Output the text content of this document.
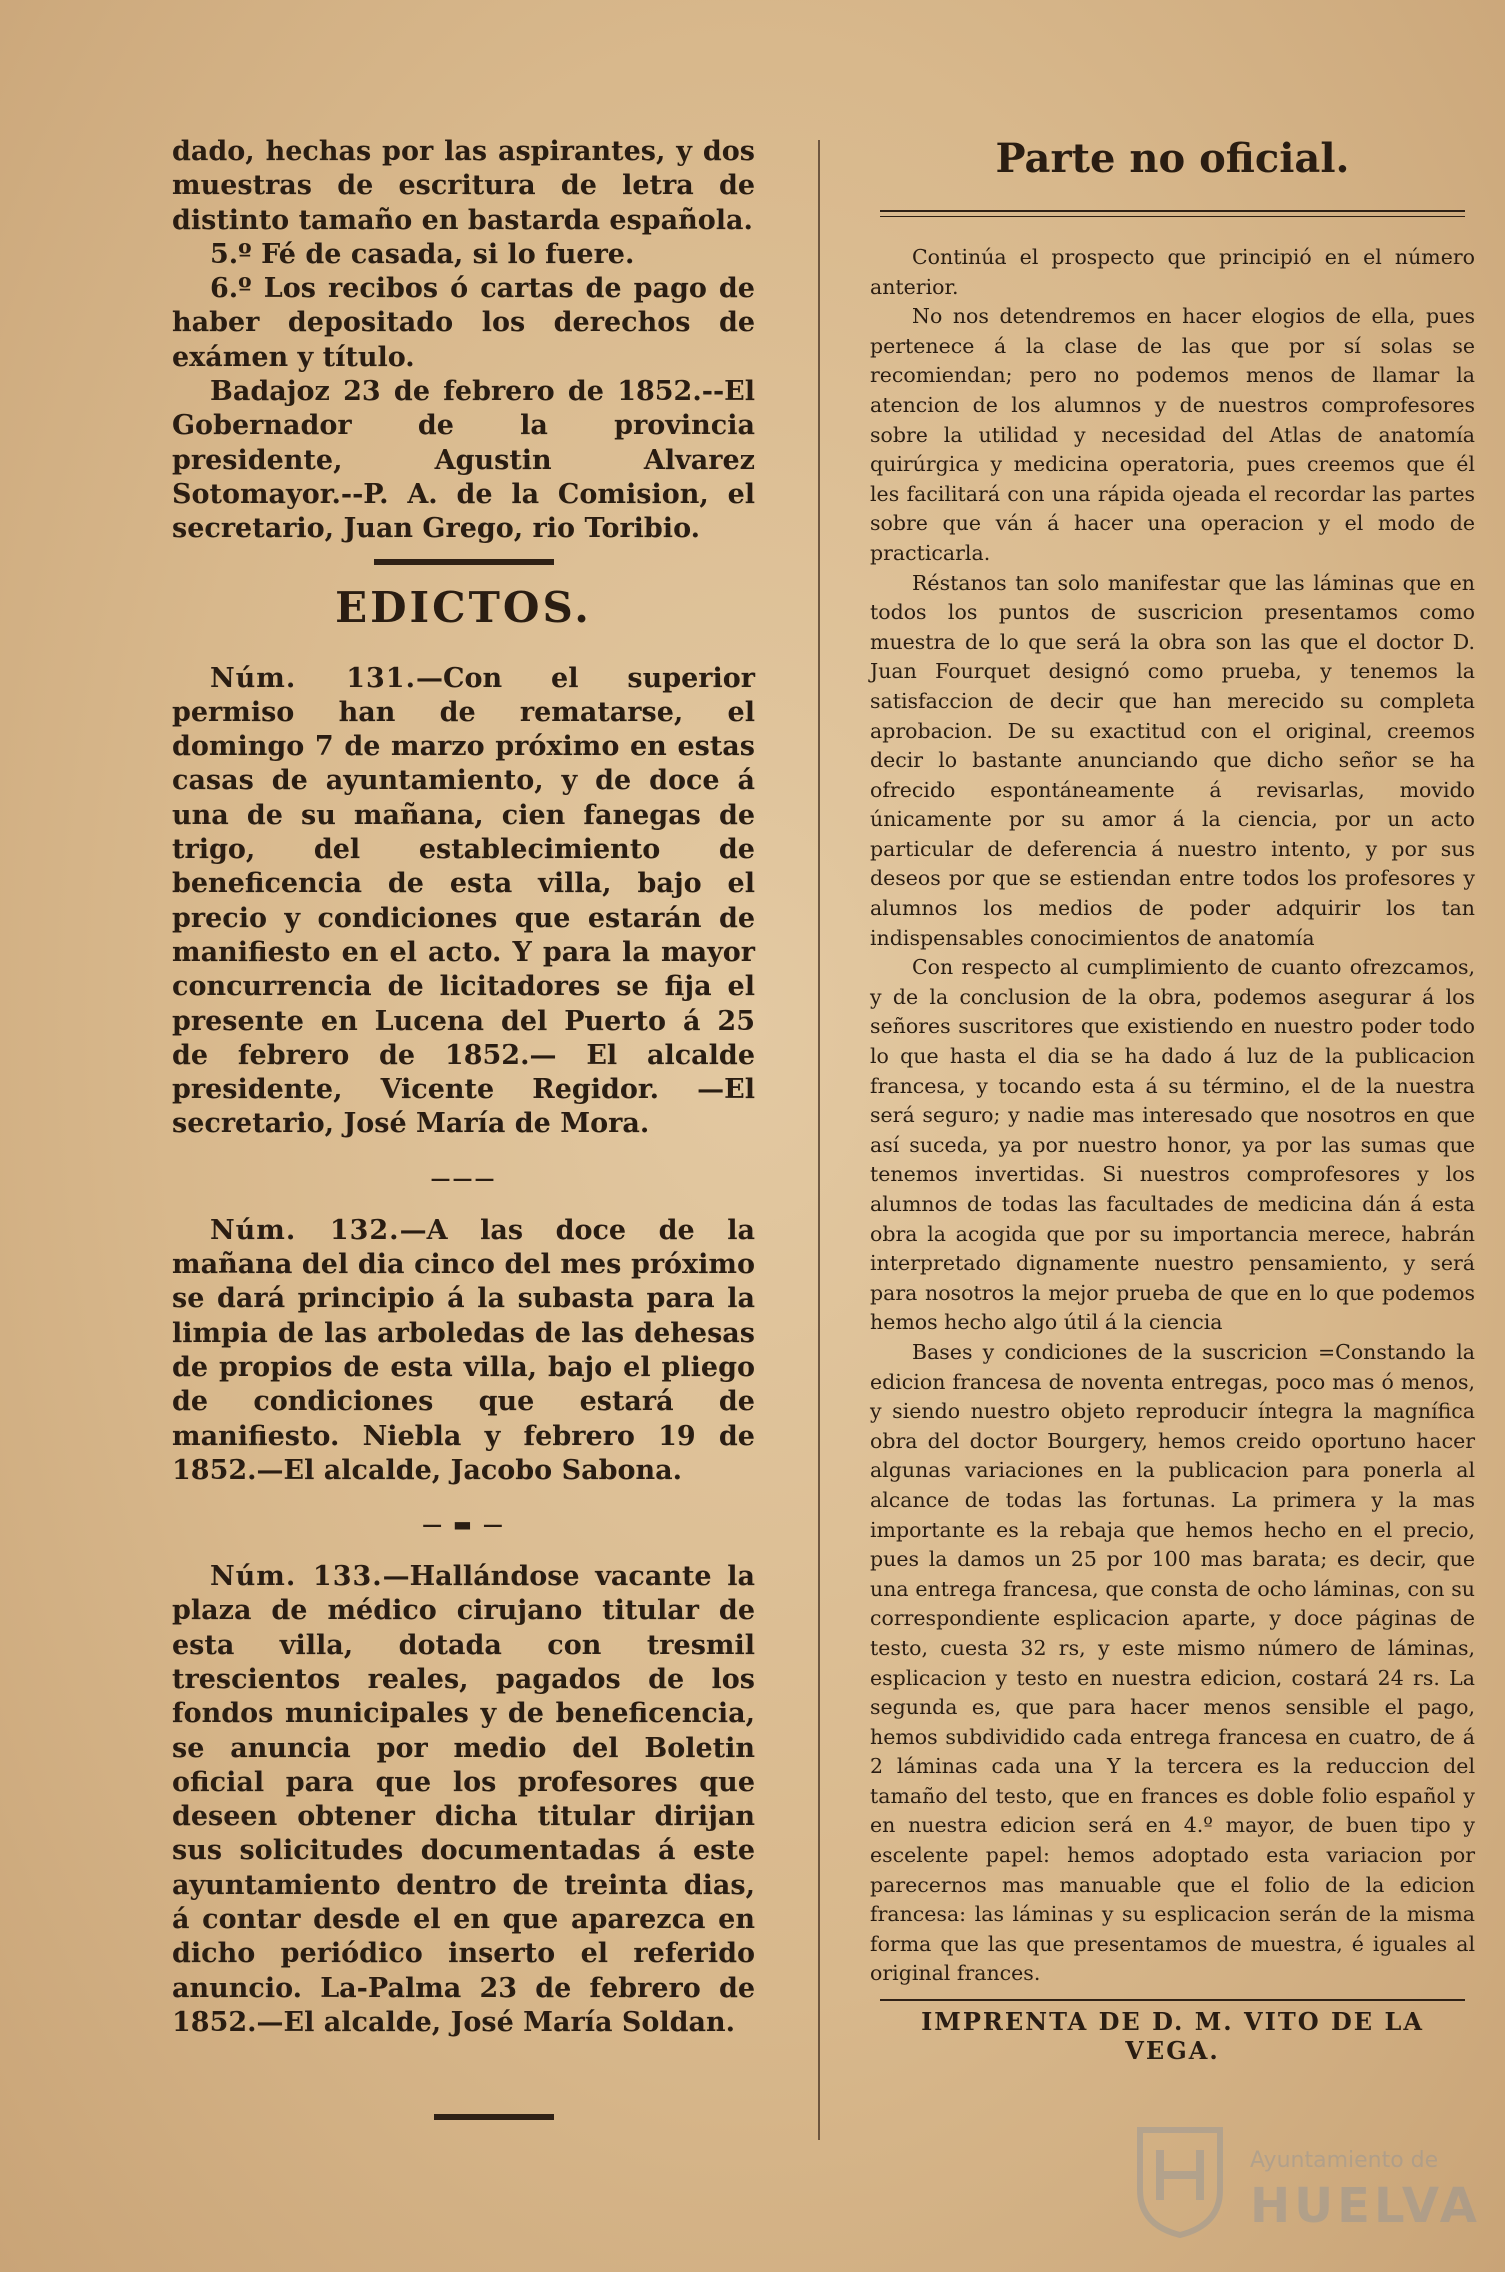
dado, hechas por las aspirantes, y dos muestras de escritura de letra de distinto tamaño en bastarda española.

5.º Fé de casada, si lo fuere.

6.º Los recibos ó cartas de pago de haber depositado los derechos de exámen y título.

Badajoz 23 de febrero de 1852.--El Gobernador de la provincia presidente, Agustin Alvarez Sotomayor.--P. A. de la Comision, el secretario, Juan Grego, rio Toribio.

EDICTOS.

Núm. 131.—Con el superior permiso han de rematarse, el domingo 7 de marzo próximo en estas casas de ayuntamiento, y de doce á una de su mañana, cien fanegas de trigo, del establecimiento de beneficencia de esta villa, bajo el precio y condiciones que estarán de manifiesto en el acto. Y para la mayor concurrencia de licitadores se fija el presente en Lucena del Puerto á 25 de febrero de 1852.— El alcalde presidente, Vicente Regidor. —El secretario, José María de Mora.

———

Núm. 132.—A las doce de la mañana del dia cinco del mes próximo se dará principio á la subasta para la limpia de las arboledas de las dehesas de propios de esta villa, bajo el pliego de condiciones que estará de manifiesto. Niebla y febrero 19 de 1852.—El alcalde, Jacobo Sabona.

— ▬ —

Núm. 133.—Hallándose vacante la plaza de médico cirujano titular de esta villa, dotada con tresmil trescientos reales, pagados de los fondos municipales y de beneficencia, se anuncia por medio del Boletin oficial para que los profesores que deseen obtener dicha titular dirijan sus solicitudes documentadas á este ayuntamiento dentro de treinta dias, á contar desde el en que aparezca en dicho periódico inserto el referido anuncio. La-Palma 23 de febrero de 1852.—El alcalde, José María Soldan.

Parte no oficial.

Continúa el prospecto que principió en el número anterior.

No nos detendremos en hacer elogios de ella, pues pertenece á la clase de las que por sí solas se recomiendan; pero no podemos menos de llamar la atencion de los alumnos y de nuestros comprofesores sobre la utilidad y necesidad del Atlas de anatomía quirúrgica y medicina operatoria, pues creemos que él les facilitará con una rápida ojeada el recordar las partes sobre que ván á hacer una operacion y el modo de practicarla.

Réstanos tan solo manifestar que las láminas que en todos los puntos de suscricion presentamos como muestra de lo que será la obra son las que el doctor D. Juan Fourquet designó como prueba, y tenemos la satisfaccion de decir que han merecido su completa aprobacion. De su exactitud con el original, creemos decir lo bastante anunciando que dicho señor se ha ofrecido espontáneamente á revisarlas, movido únicamente por su amor á la ciencia, por un acto particular de deferencia á nuestro intento, y por sus deseos por que se estiendan entre todos los profesores y alumnos los medios de poder adquirir los tan indispensables conocimientos de anatomía

Con respecto al cumplimiento de cuanto ofrezcamos, y de la conclusion de la obra, podemos asegurar á los señores suscritores que existiendo en nuestro poder todo lo que hasta el dia se ha dado á luz de la publicacion francesa, y tocando esta á su término, el de la nuestra será seguro; y nadie mas interesado que nosotros en que así suceda, ya por nuestro honor, ya por las sumas que tenemos invertidas. Si nuestros comprofesores y los alumnos de todas las facultades de medicina dán á esta obra la acogida que por su importancia merece, habrán interpretado dignamente nuestro pensamiento, y será para nosotros la mejor prueba de que en lo que podemos hemos hecho algo útil á la ciencia

Bases y condiciones de la suscricion =Constando la edicion francesa de noventa entregas, poco mas ó menos, y siendo nuestro objeto reproducir íntegra la magnífica obra del doctor Bourgery, hemos creido oportuno hacer algunas variaciones en la publicacion para ponerla al alcance de todas las fortunas. La primera y la mas importante es la rebaja que hemos hecho en el precio, pues la damos un 25 por 100 mas barata; es decir, que una entrega francesa, que consta de ocho láminas, con su correspondiente esplicacion aparte, y doce páginas de testo, cuesta 32 rs, y este mismo número de láminas, esplicacion y testo en nuestra edicion, costará 24 rs. La segunda es, que para hacer menos sensible el pago, hemos subdividido cada entrega francesa en cuatro, de á 2 láminas cada una Y la tercera es la reduccion del tamaño del testo, que en frances es doble folio español y en nuestra edicion será en 4.º mayor, de buen tipo y escelente papel: hemos adoptado esta variacion por parecernos mas manuable que el folio de la edicion francesa: las láminas y su esplicacion serán de la misma forma que las que presentamos de muestra, é iguales al original frances.

IMPRENTA DE D. M. VITO DE LA VEGA.
Ayuntamiento de
HUELVA
